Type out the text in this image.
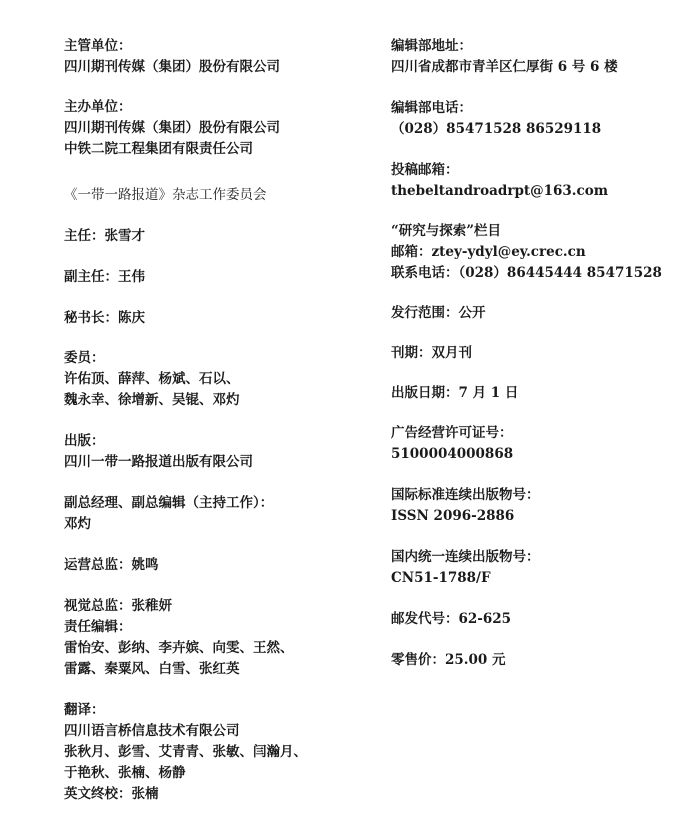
主管单位：
四川期刊传媒（集团）股份有限公司
主办单位：
四川期刊传媒（集团）股份有限公司
中铁二院工程集团有限责任公司
《一带一路报道》杂志工作委员会
主任：张雪才
副主任：王伟
秘书长：陈庆
委员：
许佑顶、薛萍、杨斌、石以、
魏永幸、徐增新、吴锟、邓灼
出版：
四川一带一路报道出版有限公司
副总经理、副总编辑（主持工作）：
邓灼
运营总监：姚鸣
视觉总监：张稚妍
责任编辑：
雷怡安、彭纳、李卉嫔、向雯、王然、
雷露、秦粟风、白雪、张红英
翻译：
四川语言桥信息技术有限公司
张秋月、彭雪、艾青青、张敏、闫瀚月、
于艳秋、张楠、杨静
英文终校：张楠
编辑部地址：
四川省成都市青羊区仁厚街 6 号 6 楼
编辑部电话：
（028）85471528 86529118
投稿邮箱：
thebeltandroadrpt@163.com
“研究与探索”栏目
邮箱：ztey-ydyl@ey.crec.cn
联系电话：（028）86445444 85471528
发行范围：公开
刊期：双月刊
出版日期：7 月 1 日
广告经营许可证号：
5100004000868
国际标准连续出版物号：
ISSN 2096-2886
国内统一连续出版物号：
CN51-1788/F
邮发代号：62-625
零售价：25.00 元
